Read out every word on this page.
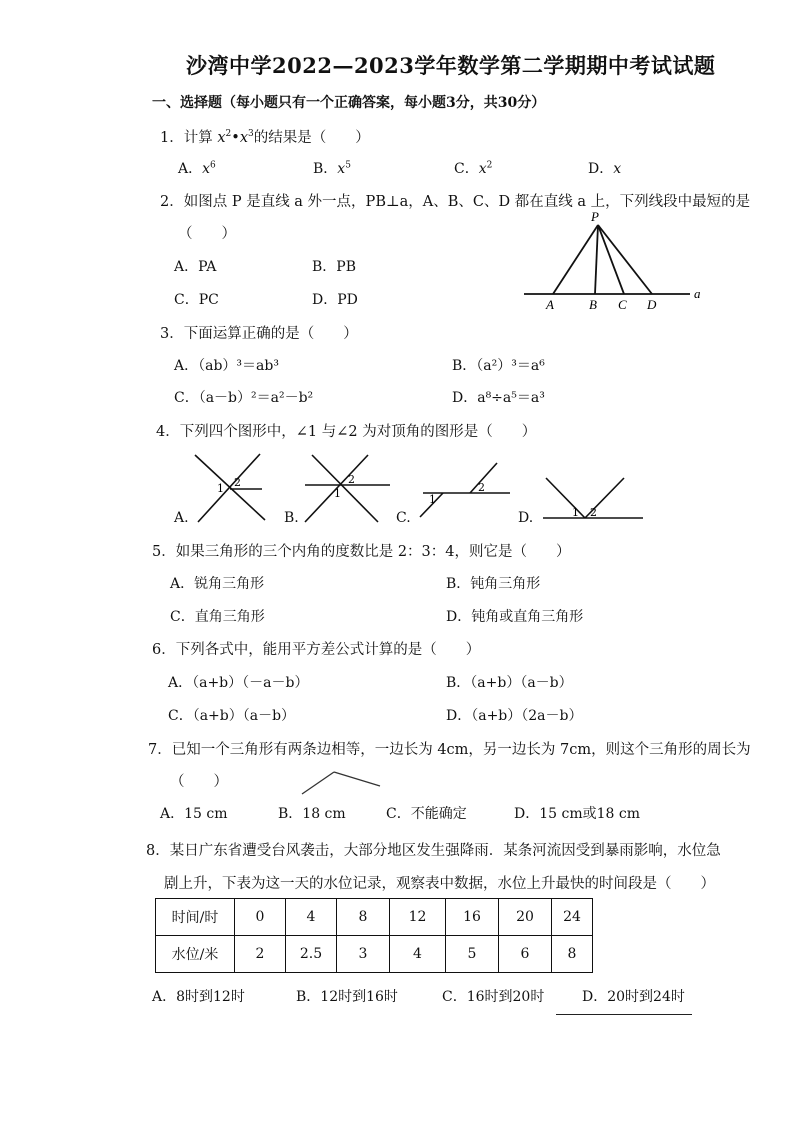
沙湾中学2022—2023学年数学第二学期期中考试试题
一、选择题（每小题只有一个正确答案，每小题3分，共30分）
1．计算 $x^2•x^3$的结果是（　　）
A．$x^6$	B．$x^5$	C．$x^2$	D．x
2．如图点 P 是直线 a 外一点，PB⊥a，A、B、C、D 都在直线 a 上，下列线段中最短的是
（　　）
A．PA	B．PB
C．PC	D．PD
P
A	B C D
a
3．下面运算正确的是（　　）
A．（ab）³＝ab³	B．（a²）³＝a⁶
C．（a－b）²＝a²－b²	D．a⁸÷a⁵＝a³
4．下列四个图形中，∠1 与∠2 为对顶角的图形是（　　）
1 2
A.
1
2
B.
1
2
C.	1 2
D.
5．如果三角形的三个内角的度数比是 2：3：4，则它是（　　）
A．锐角三角形	B．钝角三角形
C．直角三角形	D．钝角或直角三角形
6．下列各式中，能用平方差公式计算的是（　　）
A．（a+b）（－a－b）	B．（a+b）（a－b）
C．（a+b）（a－b）	D．（a+b）（2a－b）
7．已知一个三角形有两条边相等，一边长为 4cm，另一边长为 7cm，则这个三角形的周长为
（　　）
A．15 cm	B．18 cm	C．不能确定	D．15 cm或18 cm
8．某日广东省遭受台风袭击，大部分地区发生强降雨．某条河流因受到暴雨影响，水位急
剧上升，下表为这一天的水位记录，观察表中数据，水位上升最快的时间段是（　　）
时间/时	0	4	8	12	16	20	24
水位/米	2	2.5	3	4	5	6	8
A．8时到12时	B．12时到16时	C．16时到20时	D．20时到24时
